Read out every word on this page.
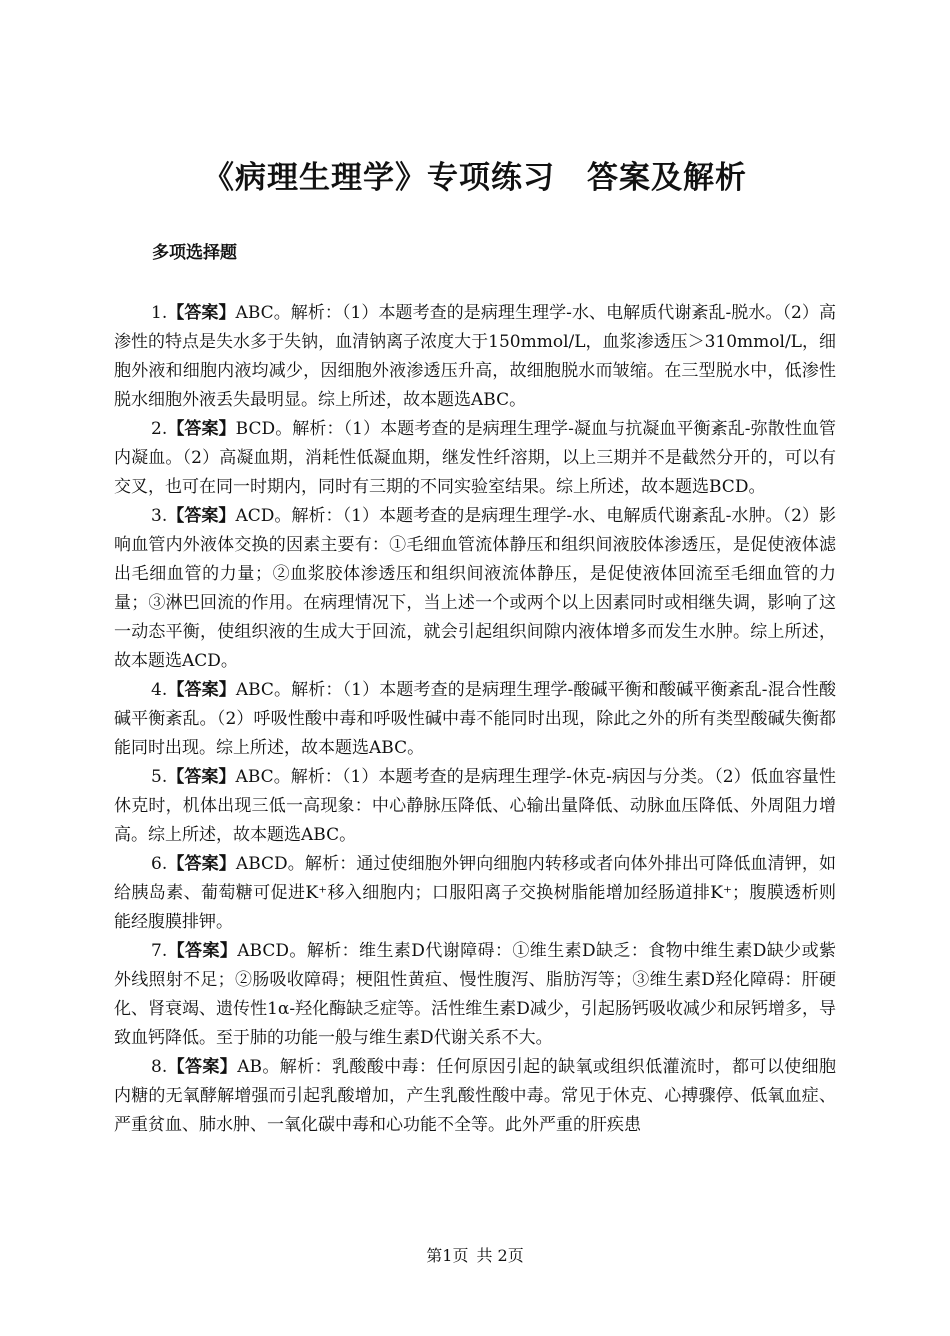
《病理生理学》专项练习　答案及解析
多项选择题

1.【答案】ABC。解析：（1）本题考查的是病理生理学-水、电解质代谢紊乱-脱水。（2）高渗性的特点是失水多于失钠，血清钠离子浓度大于150mmol/L，血浆渗透压＞310mmol/L，细胞外液和细胞内液均减少，因细胞外液渗透压升高，故细胞脱水而皱缩。在三型脱水中，低渗性脱水细胞外液丢失最明显。综上所述，故本题选ABC。

2.【答案】BCD。解析：（1）本题考查的是病理生理学-凝血与抗凝血平衡紊乱-弥散性血管内凝血。（2）高凝血期，消耗性低凝血期，继发性纤溶期，以上三期并不是截然分开的，可以有交叉，也可在同一时期内，同时有三期的不同实验室结果。综上所述，故本题选BCD。

3.【答案】ACD。解析：（1）本题考查的是病理生理学-水、电解质代谢紊乱-水肿。（2）影响血管内外液体交换的因素主要有：①毛细血管流体静压和组织间液胶体渗透压，是促使液体滤出毛细血管的力量；②血浆胶体渗透压和组织间液流体静压，是促使液体回流至毛细血管的力量；③淋巴回流的作用。在病理情况下，当上述一个或两个以上因素同时或相继失调，影响了这一动态平衡，使组织液的生成大于回流，就会引起组织间隙内液体增多而发生水肿。综上所述，故本题选ACD。

4.【答案】ABC。解析：（1）本题考查的是病理生理学-酸碱平衡和酸碱平衡紊乱-混合性酸碱平衡紊乱。（2）呼吸性酸中毒和呼吸性碱中毒不能同时出现，除此之外的所有类型酸碱失衡都能同时出现。综上所述，故本题选ABC。

5.【答案】ABC。解析：（1）本题考查的是病理生理学-休克-病因与分类。（2）低血容量性休克时，机体出现三低一高现象：中心静脉压降低、心输出量降低、动脉血压降低、外周阻力增高。综上所述，故本题选ABC。

6.【答案】ABCD。解析：通过使细胞外钾向细胞内转移或者向体外排出可降低血清钾，如给胰岛素、葡萄糖可促进K⁺移入细胞内；口服阳离子交换树脂能增加经肠道排K⁺；腹膜透析则能经腹膜排钾。

7.【答案】ABCD。解析：维生素D代谢障碍：①维生素D缺乏：食物中维生素D缺少或紫外线照射不足；②肠吸收障碍；梗阻性黄疸、慢性腹泻、脂肪泻等；③维生素D羟化障碍：肝硬化、肾衰竭、遗传性1α-羟化酶缺乏症等。活性维生素D减少，引起肠钙吸收减少和尿钙增多，导致血钙降低。至于肺的功能一般与维生素D代谢关系不大。

8.【答案】AB。解析：乳酸酸中毒：任何原因引起的缺氧或组织低灌流时，都可以使细胞内糖的无氧酵解增强而引起乳酸增加，产生乳酸性酸中毒。常见于休克、心搏骤停、低氧血症、严重贫血、肺水肿、一氧化碳中毒和心功能不全等。此外严重的肝疾患

第1页 共 2页
